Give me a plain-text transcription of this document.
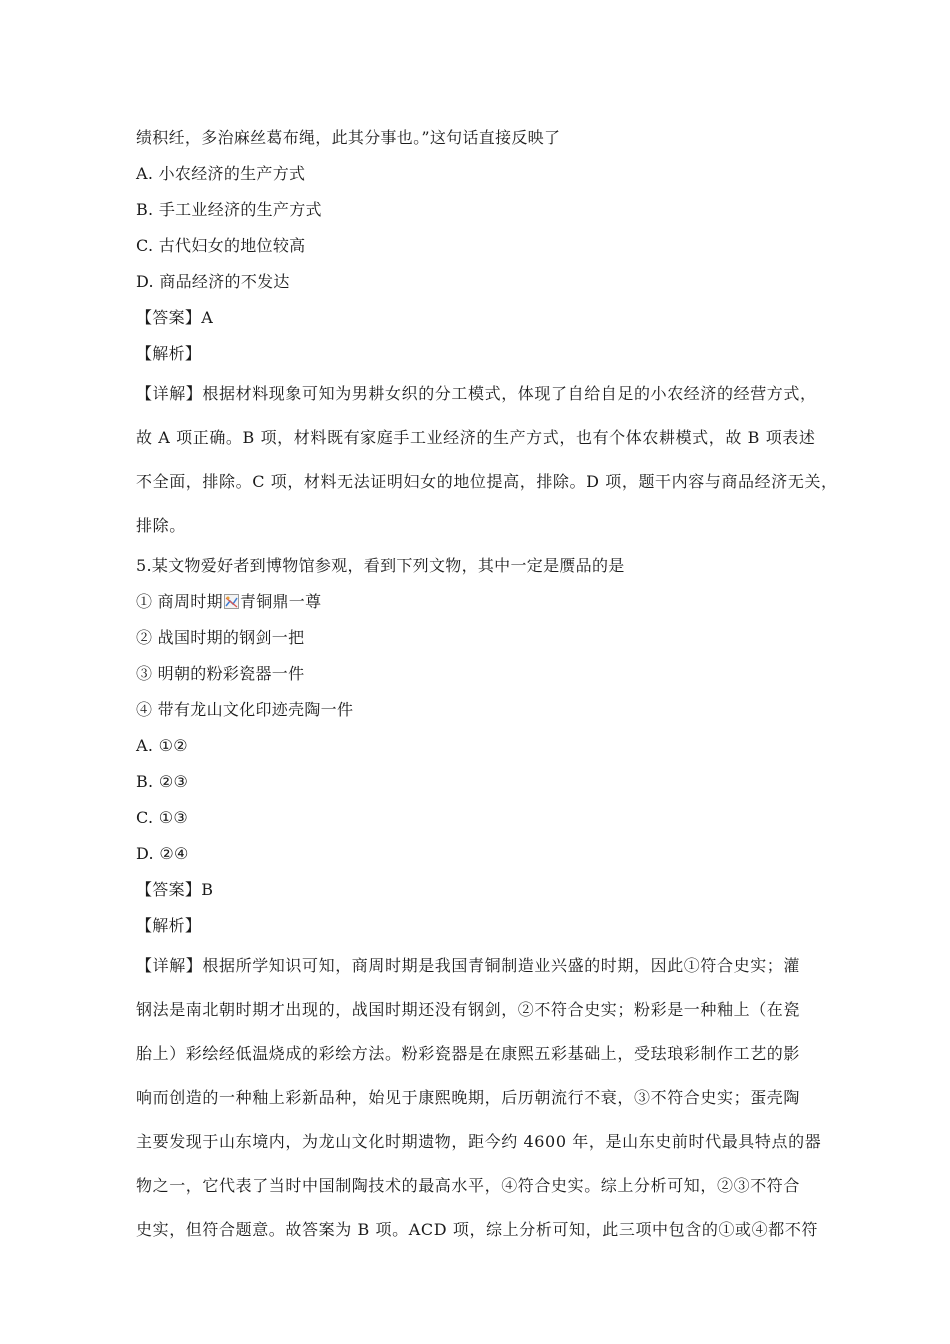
绩积纴，多治麻丝葛布绳，此其分事也。”这句话直接反映了
A. 小农经济的生产方式
B. 手工业经济的生产方式
C. 古代妇女的地位较高
D. 商品经济的不发达
【答案】A
【解析】
【详解】根据材料现象可知为男耕女织的分工模式，体现了自给自足的小农经济的经营方式，
故 A 项正确。B 项，材料既有家庭手工业经济的生产方式，也有个体农耕模式，故 B 项表述
不全面，排除。C 项，材料无法证明妇女的地位提高，排除。D 项，题干内容与商品经济无关，
排除。
5.某文物爱好者到博物馆参观，看到下列文物，其中一定是赝品的是
① 商周时期 青铜鼎一尊
② 战国时期的钢剑一把
③ 明朝的粉彩瓷器一件
④ 带有龙山文化印迹壳陶一件
A. ①②
B. ②③
C. ①③
D. ②④
【答案】B
【解析】
【详解】根据所学知识可知，商周时期是我国青铜制造业兴盛的时期，因此①符合史实；灌
钢法是南北朝时期才出现的，战国时期还没有钢剑，②不符合史实；粉彩是一种釉上（在瓷
胎上）彩绘经低温烧成的彩绘方法。粉彩瓷器是在康熙五彩基础上，受珐琅彩制作工艺的影
响而创造的一种釉上彩新品种，始见于康熙晚期，后历朝流行不衰，③不符合史实；蛋壳陶
主要发现于山东境内，为龙山文化时期遗物，距今约 4600 年，是山东史前时代最具特点的器
物之一，它代表了当时中国制陶技术的最高水平，④符合史实。综上分析可知，②③不符合
史实，但符合题意。故答案为 B 项。ACD 项，综上分析可知，此三项中包含的①或④都不符
